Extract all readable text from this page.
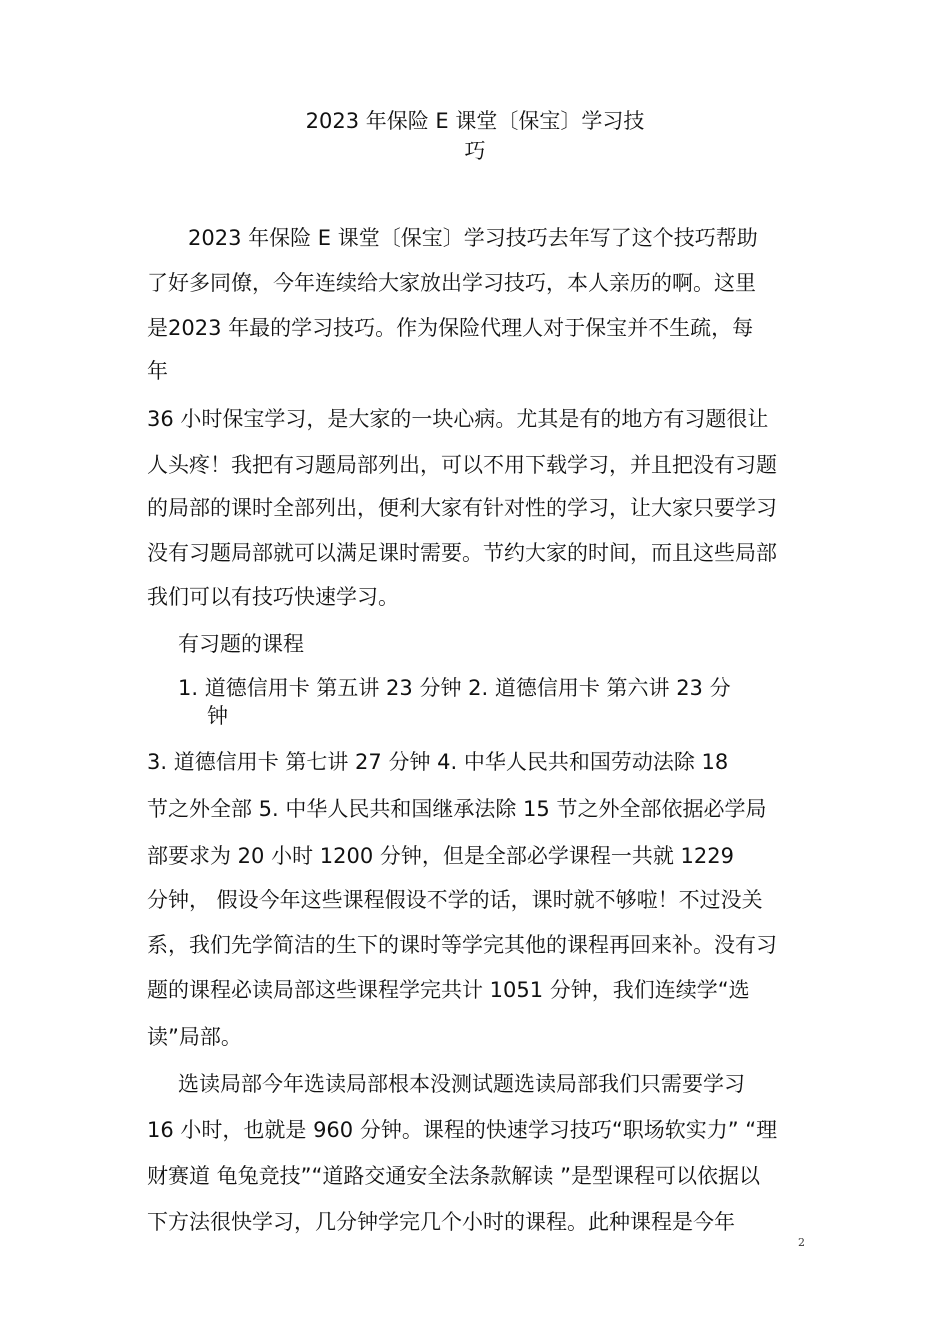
2023 年保险 E 课堂〔保宝〕学习技
巧

2023 年保险 E 课堂〔保宝〕学习技巧去年写了这个技巧帮助

了好多同僚，今年连续给大家放出学习技巧，本人亲历的啊。这里

是2023 年最的学习技巧。作为保险代理人对于保宝并不生疏，每

年

36 小时保宝学习，是大家的一块心病。尤其是有的地方有习题很让

人头疼！我把有习题局部列出，可以不用下载学习，并且把没有习题

的局部的课时全部列出，便利大家有针对性的学习，让大家只要学习

没有习题局部就可以满足课时需要。节约大家的时间，而且这些局部

我们可以有技巧快速学习。

有习题的课程

1. 道德信用卡 第五讲 23 分钟 2. 道德信用卡 第六讲 23 分

钟

3. 道德信用卡 第七讲 27 分钟 4. 中华人民共和国劳动法除 18

节之外全部 5. 中华人民共和国继承法除 15 节之外全部依据必学局

部要求为 20 小时 1200 分钟，但是全部必学课程一共就 1229

分钟， 假设今年这些课程假设不学的话，课时就不够啦！不过没关

系，我们先学简洁的生下的课时等学完其他的课程再回来补。没有习

题的课程必读局部这些课程学完共计 1051 分钟，我们连续学“选

读”局部。

选读局部今年选读局部根本没测试题选读局部我们只需要学习

16 小时，也就是 960 分钟。课程的快速学习技巧“职场软实力” “理

财赛道 龟兔竞技”“道路交通安全法条款解读 ”是型课程可以依据以

下方法很快学习，几分钟学完几个小时的课程。此种课程是今年

2
